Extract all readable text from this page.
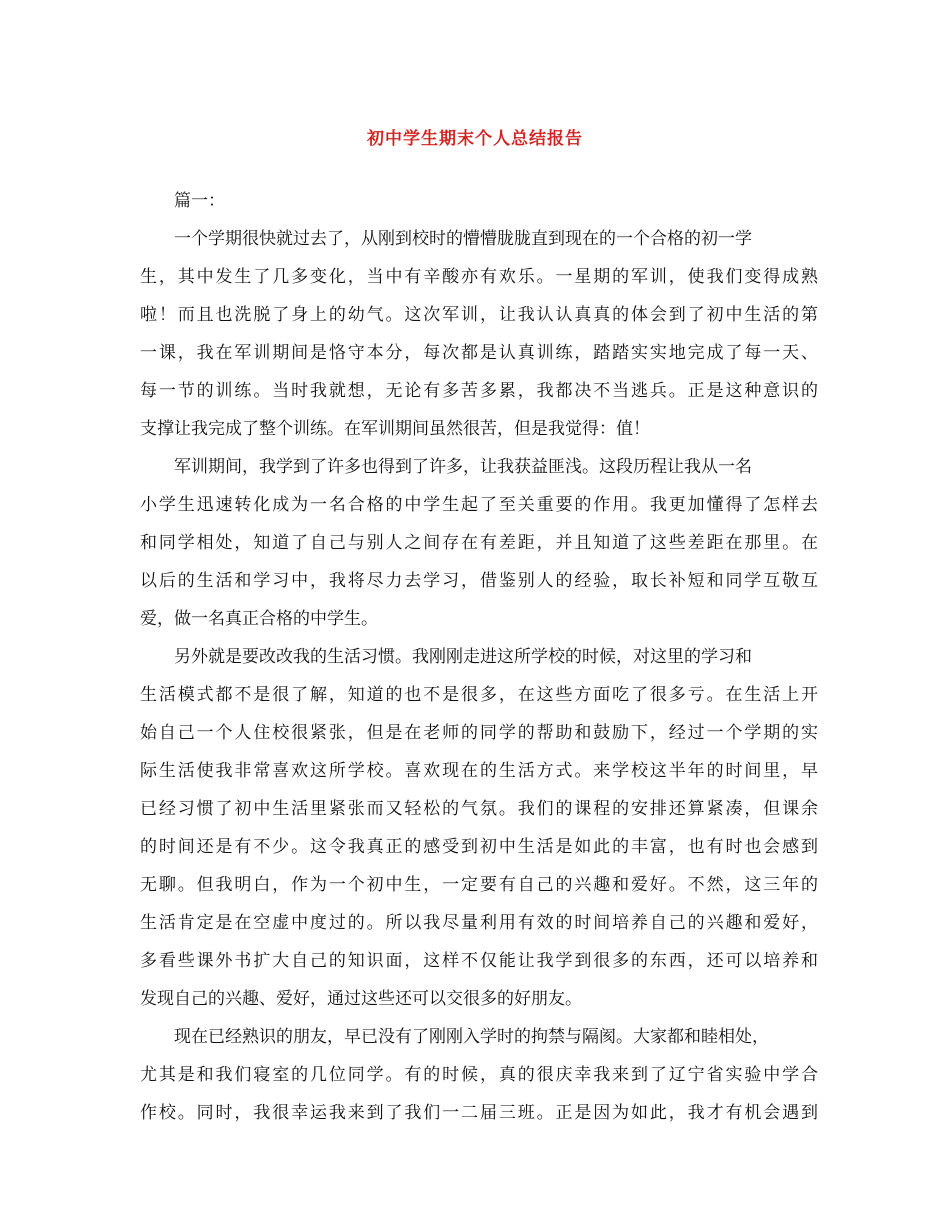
初中学生期末个人总结报告
篇一：
一个学期很快就过去了，从刚到校时的懵懵胧胧直到现在的一个合格的初一学
生，其中发生了几多变化，当中有辛酸亦有欢乐。一星期的军训，使我们变得成熟
啦！而且也洗脱了身上的幼气。这次军训，让我认认真真的体会到了初中生活的第
一课，我在军训期间是恪守本分，每次都是认真训练，踏踏实实地完成了每一天、
每一节的训练。当时我就想，无论有多苦多累，我都决不当逃兵。正是这种意识的
支撑让我完成了整个训练。在军训期间虽然很苦，但是我觉得：值！
军训期间，我学到了许多也得到了许多，让我获益匪浅。这段历程让我从一名
小学生迅速转化成为一名合格的中学生起了至关重要的作用。我更加懂得了怎样去
和同学相处，知道了自己与别人之间存在有差距，并且知道了这些差距在那里。在
以后的生活和学习中，我将尽力去学习，借鉴别人的经验，取长补短和同学互敬互
爱，做一名真正合格的中学生。
另外就是要改改我的生活习惯。我刚刚走进这所学校的时候，对这里的学习和
生活模式都不是很了解，知道的也不是很多，在这些方面吃了很多亏。在生活上开
始自己一个人住校很紧张，但是在老师的同学的帮助和鼓励下，经过一个学期的实
际生活使我非常喜欢这所学校。喜欢现在的生活方式。来学校这半年的时间里，早
已经习惯了初中生活里紧张而又轻松的气氛。我们的课程的安排还算紧凑，但课余
的时间还是有不少。这令我真正的感受到初中生活是如此的丰富，也有时也会感到
无聊。但我明白，作为一个初中生，一定要有自己的兴趣和爱好。不然，这三年的
生活肯定是在空虚中度过的。所以我尽量利用有效的时间培养自己的兴趣和爱好，
多看些课外书扩大自己的知识面，这样不仅能让我学到很多的东西，还可以培养和
发现自己的兴趣、爱好，通过这些还可以交很多的好朋友。
现在已经熟识的朋友，早已没有了刚刚入学时的拘禁与隔阂。大家都和睦相处，
尤其是和我们寝室的几位同学。有的时候，真的很庆幸我来到了辽宁省实验中学合
作校。同时，我很幸运我来到了我们一二届三班。正是因为如此，我才有机会遇到
